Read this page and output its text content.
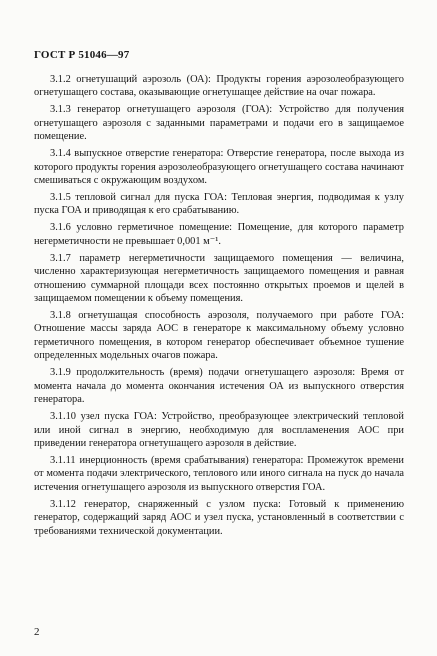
ГОСТ Р 51046—97

3.1.2 огнетушащий аэрозоль (ОА): Продукты горения аэрозолеобразующего огнетушащего состава, оказывающие огнетушащее действие на очаг пожара.

3.1.3 генератор огнетушащего аэрозоля (ГОА): Устройство для получения огнетушащего аэрозоля с заданными параметрами и подачи его в защищаемое помещение.

3.1.4 выпускное отверстие генератора: Отверстие генератора, после выхода из которого продукты горения аэрозолеобразующего огнетушащего состава начинают смешиваться с окружающим воздухом.

3.1.5 тепловой сигнал для пуска ГОА: Тепловая энергия, подводимая к узлу пуска ГОА и приводящая к его срабатыванию.

3.1.6 условно герметичное помещение: Помещение, для которого параметр негерметичности не превышает 0,001 м⁻¹.

3.1.7 параметр негерметичности защищаемого помещения — величина, численно характеризующая негерметичность защищаемого помещения и равная отношению суммарной площади всех постоянно открытых проемов и щелей в защищаемом помещении к объему помещения.

3.1.8 огнетушащая способность аэрозоля, получаемого при работе ГОА: Отношение массы заряда АОС в генераторе к максимальному объему условно герметичного помещения, в котором генератор обеспечивает объемное тушение определенных модельных очагов пожара.

3.1.9 продолжительность (время) подачи огнетушащего аэрозоля: Время от момента начала до момента окончания истечения ОА из выпускного отверстия генератора.

3.1.10 узел пуска ГОА: Устройство, преобразующее электрический тепловой или иной сигнал в энергию, необходимую для воспламенения АОС при приведении генератора огнетушащего аэрозоля в действие.

3.1.11 инерционность (время срабатывания) генератора: Промежуток времени от момента подачи электрического, теплового или иного сигнала на пуск до начала истечения огнетушащего аэрозоля из выпускного отверстия ГОА.

3.1.12 генератор, снаряженный с узлом пуска: Готовый к применению генератор, содержащий заряд АОС и узел пуска, установленный в соответствии с требованиями технической документации.

2
